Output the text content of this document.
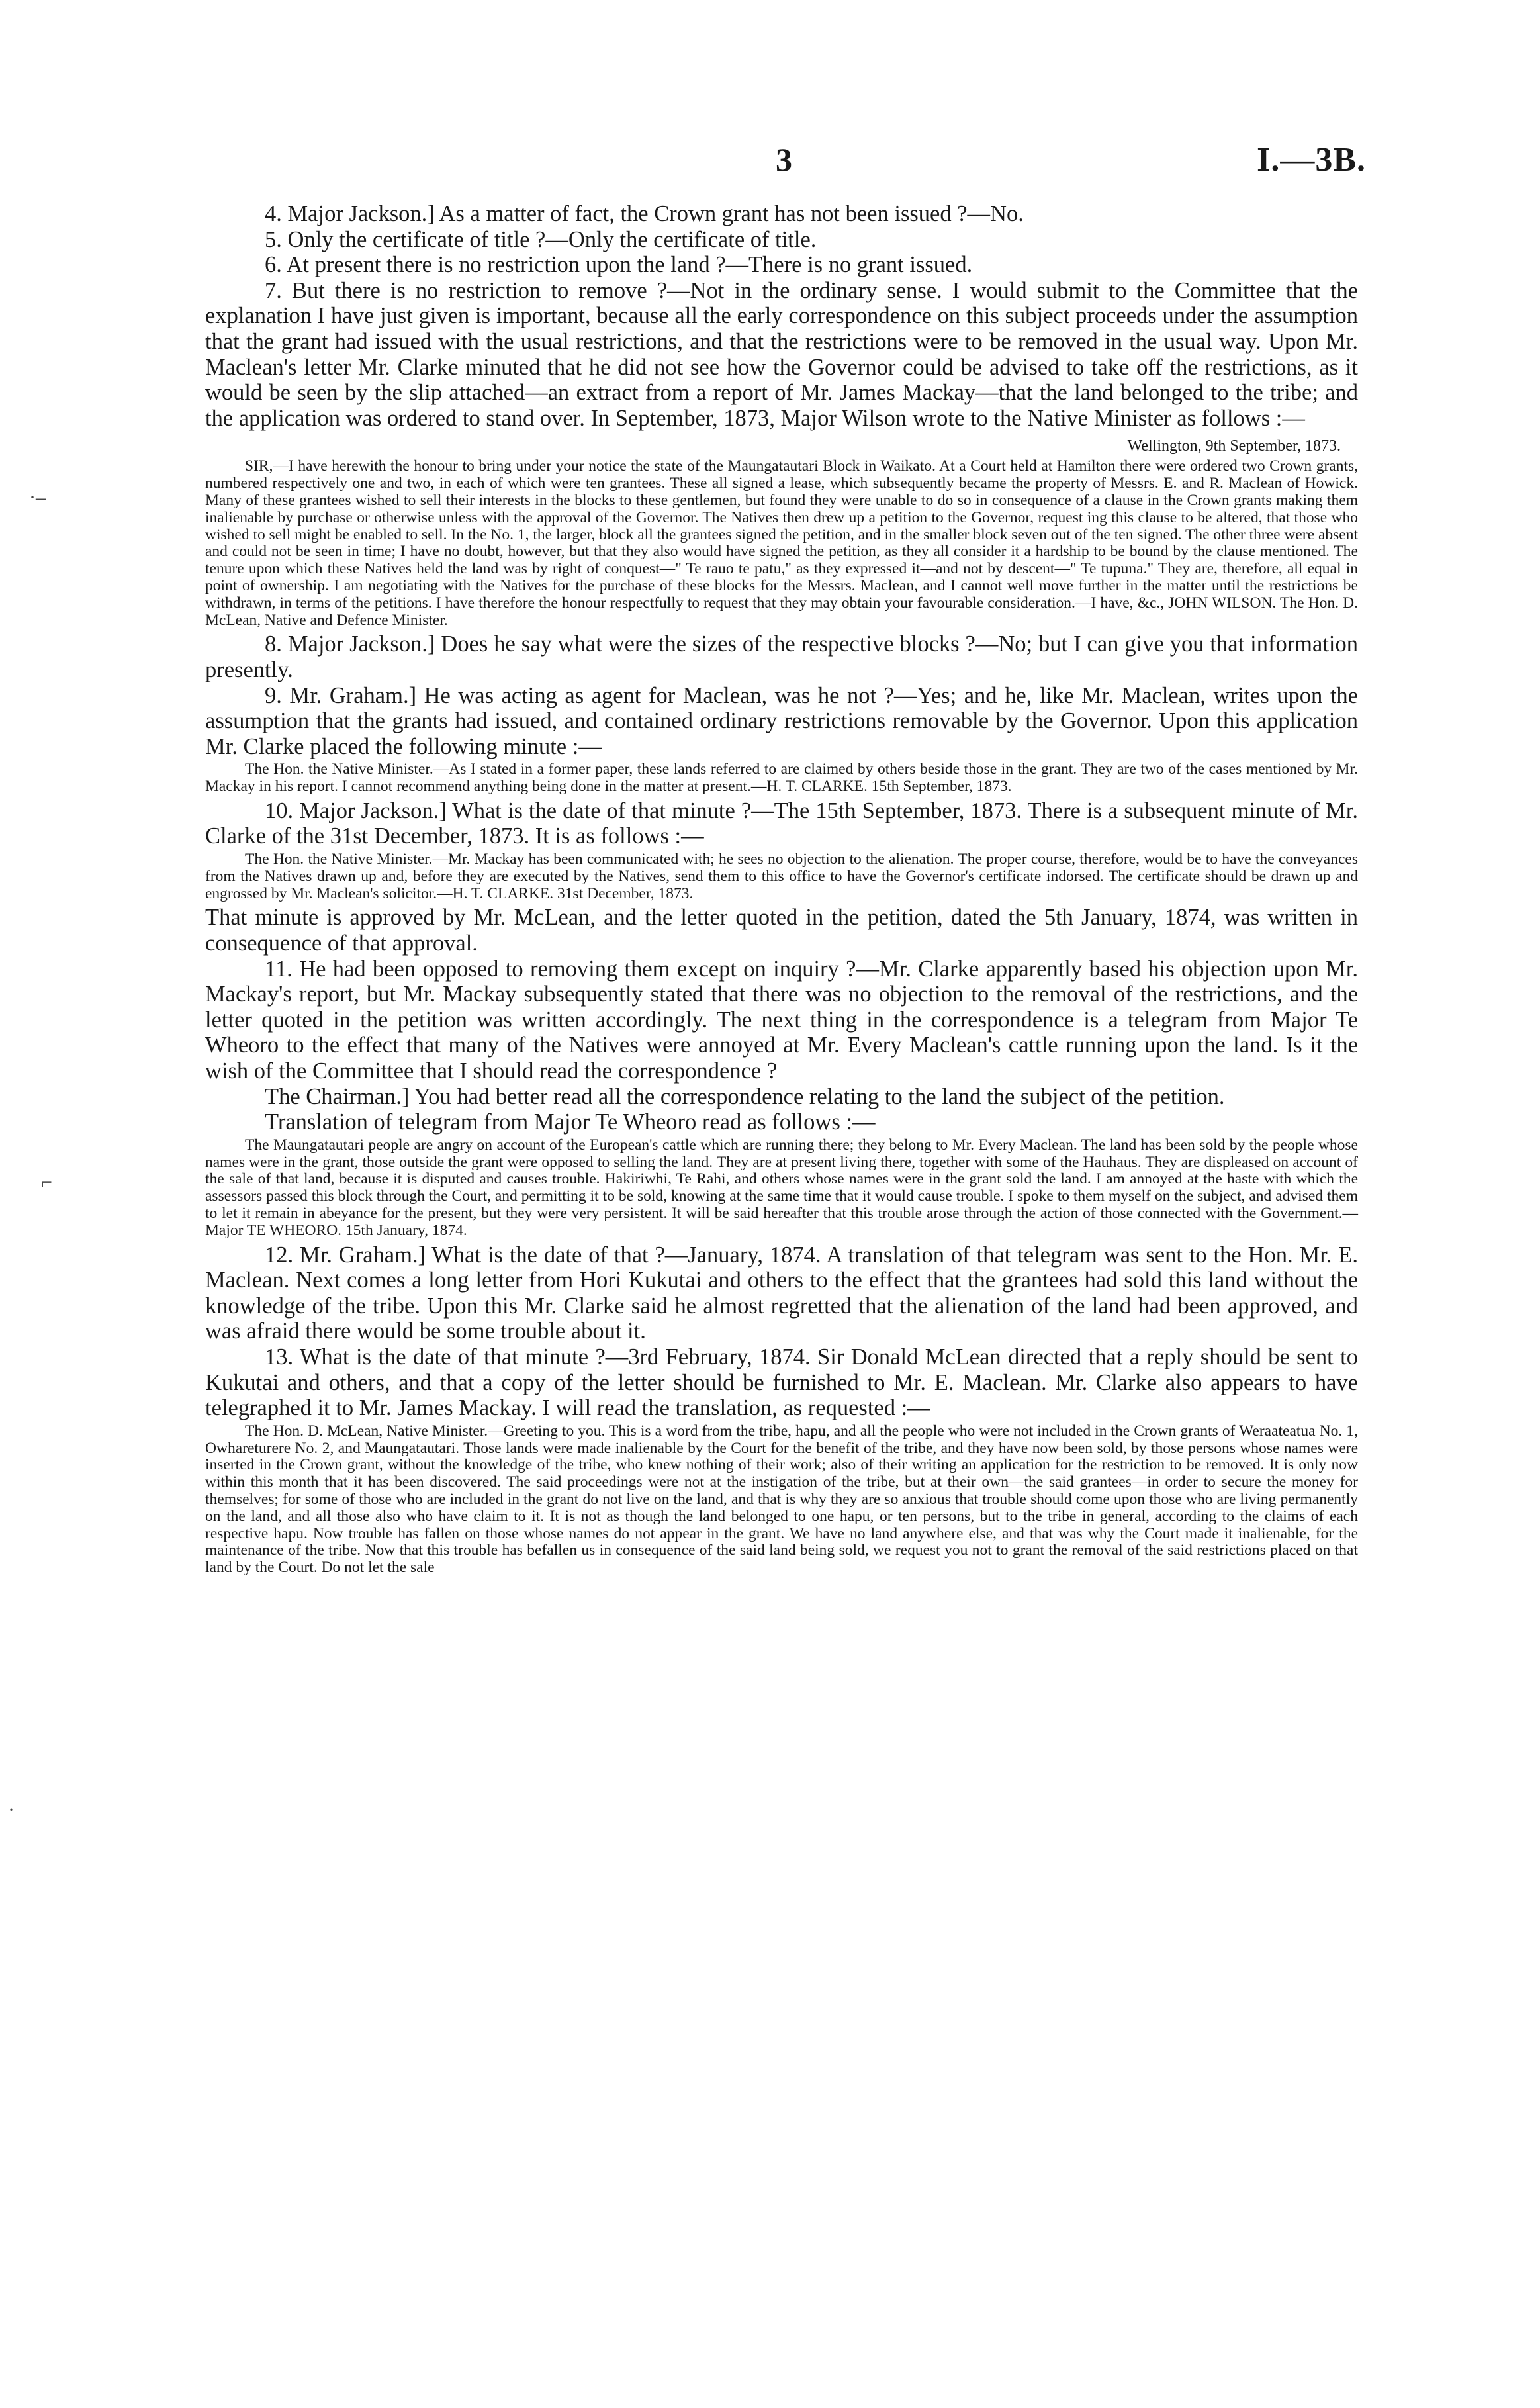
3	I.—3B.
·–
⌐
·

4. Major Jackson.] As a matter of fact, the Crown grant has not been issued ?—No.

5. Only the certificate of title ?—Only the certificate of title.

6. At present there is no restriction upon the land ?—There is no grant issued.

7. But there is no restriction to remove ?—Not in the ordinary sense. I would submit to the Committee that the explanation I have just given is important, because all the early correspondence on this subject proceeds under the assumption that the grant had issued with the usual restrictions, and that the restrictions were to be removed in the usual way. Upon Mr. Maclean's letter Mr. Clarke minuted that he did not see how the Governor could be advised to take off the restrictions, as it would be seen by the slip attached—an extract from a report of Mr. James Mackay—that the land belonged to the tribe; and the application was ordered to stand over. In September, 1873, Major Wilson wrote to the Native Minister as follows :—

Wellington, 9th September, 1873.

SIR,—I have herewith the honour to bring under your notice the state of the Maungatautari Block in Waikato. At a Court held at Hamilton there were ordered two Crown grants, numbered respectively one and two, in each of which were ten grantees. These all signed a lease, which subsequently became the property of Messrs. E. and R. Maclean of Howick. Many of these grantees wished to sell their interests in the blocks to these gentlemen, but found they were unable to do so in consequence of a clause in the Crown grants making them inalienable by purchase or otherwise unless with the approval of the Governor. The Natives then drew up a petition to the Governor, request ing this clause to be altered, that those who wished to sell might be enabled to sell. In the No. 1, the larger, block all the grantees signed the petition, and in the smaller block seven out of the ten signed. The other three were absent and could not be seen in time; I have no doubt, however, but that they also would have signed the petition, as they all consider it a hardship to be bound by the clause mentioned. The tenure upon which these Natives held the land was by right of conquest—" Te rauo te patu," as they expressed it—and not by descent—" Te tupuna." They are, therefore, all equal in point of ownership. I am negotiating with the Natives for the purchase of these blocks for the Messrs. Maclean, and I cannot well move further in the matter until the restrictions be withdrawn, in terms of the petitions. I have therefore the honour respectfully to request that they may obtain your favourable consideration.—I have, &c., JOHN WILSON. The Hon. D. McLean, Native and Defence Minister.

8. Major Jackson.] Does he say what were the sizes of the respective blocks ?—No; but I can give you that information presently.

9. Mr. Graham.] He was acting as agent for Maclean, was he not ?—Yes; and he, like Mr. Maclean, writes upon the assumption that the grants had issued, and contained ordinary restrictions removable by the Governor. Upon this application Mr. Clarke placed the following minute :—

The Hon. the Native Minister.—As I stated in a former paper, these lands referred to are claimed by others beside those in the grant. They are two of the cases mentioned by Mr. Mackay in his report. I cannot recommend anything being done in the matter at present.—H. T. CLARKE. 15th September, 1873.

10. Major Jackson.] What is the date of that minute ?—The 15th September, 1873. There is a subsequent minute of Mr. Clarke of the 31st December, 1873. It is as follows :—

The Hon. the Native Minister.—Mr. Mackay has been communicated with; he sees no objection to the alienation. The proper course, therefore, would be to have the conveyances from the Natives drawn up and, before they are executed by the Natives, send them to this office to have the Governor's certificate indorsed. The certificate should be drawn up and engrossed by Mr. Maclean's solicitor.—H. T. CLARKE. 31st December, 1873.

That minute is approved by Mr. McLean, and the letter quoted in the petition, dated the 5th January, 1874, was written in consequence of that approval.

11. He had been opposed to removing them except on inquiry ?—Mr. Clarke apparently based his objection upon Mr. Mackay's report, but Mr. Mackay subsequently stated that there was no objection to the removal of the restrictions, and the letter quoted in the petition was written accordingly. The next thing in the correspondence is a telegram from Major Te Wheoro to the effect that many of the Natives were annoyed at Mr. Every Maclean's cattle running upon the land. Is it the wish of the Committee that I should read the correspondence ?

The Chairman.] You had better read all the correspondence relating to the land the subject of the petition.

Translation of telegram from Major Te Wheoro read as follows :—

The Maungatautari people are angry on account of the European's cattle which are running there; they belong to Mr. Every Maclean. The land has been sold by the people whose names were in the grant, those outside the grant were opposed to selling the land. They are at present living there, together with some of the Hauhaus. They are displeased on account of the sale of that land, because it is disputed and causes trouble. Hakiriwhi, Te Rahi, and others whose names were in the grant sold the land. I am annoyed at the haste with which the assessors passed this block through the Court, and permitting it to be sold, knowing at the same time that it would cause trouble. I spoke to them myself on the subject, and advised them to let it remain in abeyance for the present, but they were very persistent. It will be said hereafter that this trouble arose through the action of those connected with the Government.—Major TE WHEORO. 15th January, 1874.

12. Mr. Graham.] What is the date of that ?—January, 1874. A translation of that telegram was sent to the Hon. Mr. E. Maclean. Next comes a long letter from Hori Kukutai and others to the effect that the grantees had sold this land without the knowledge of the tribe. Upon this Mr. Clarke said he almost regretted that the alienation of the land had been approved, and was afraid there would be some trouble about it.

13. What is the date of that minute ?—3rd February, 1874. Sir Donald McLean directed that a reply should be sent to Kukutai and others, and that a copy of the letter should be furnished to Mr. E. Maclean. Mr. Clarke also appears to have telegraphed it to Mr. James Mackay. I will read the translation, as requested :—

The Hon. D. McLean, Native Minister.—Greeting to you. This is a word from the tribe, hapu, and all the people who were not included in the Crown grants of Weraateatua No. 1, Owhareturere No. 2, and Maungatautari. Those lands were made inalienable by the Court for the benefit of the tribe, and they have now been sold, by those persons whose names were inserted in the Crown grant, without the knowledge of the tribe, who knew nothing of their work; also of their writing an application for the restriction to be removed. It is only now within this month that it has been discovered. The said proceedings were not at the instigation of the tribe, but at their own—the said grantees—in order to secure the money for themselves; for some of those who are included in the grant do not live on the land, and that is why they are so anxious that trouble should come upon those who are living permanently on the land, and all those also who have claim to it. It is not as though the land belonged to one hapu, or ten persons, but to the tribe in general, according to the claims of each respective hapu. Now trouble has fallen on those whose names do not appear in the grant. We have no land anywhere else, and that was why the Court made it inalienable, for the maintenance of the tribe. Now that this trouble has befallen us in consequence of the said land being sold, we request you not to grant the removal of the said restrictions placed on that land by the Court. Do not let the sale
